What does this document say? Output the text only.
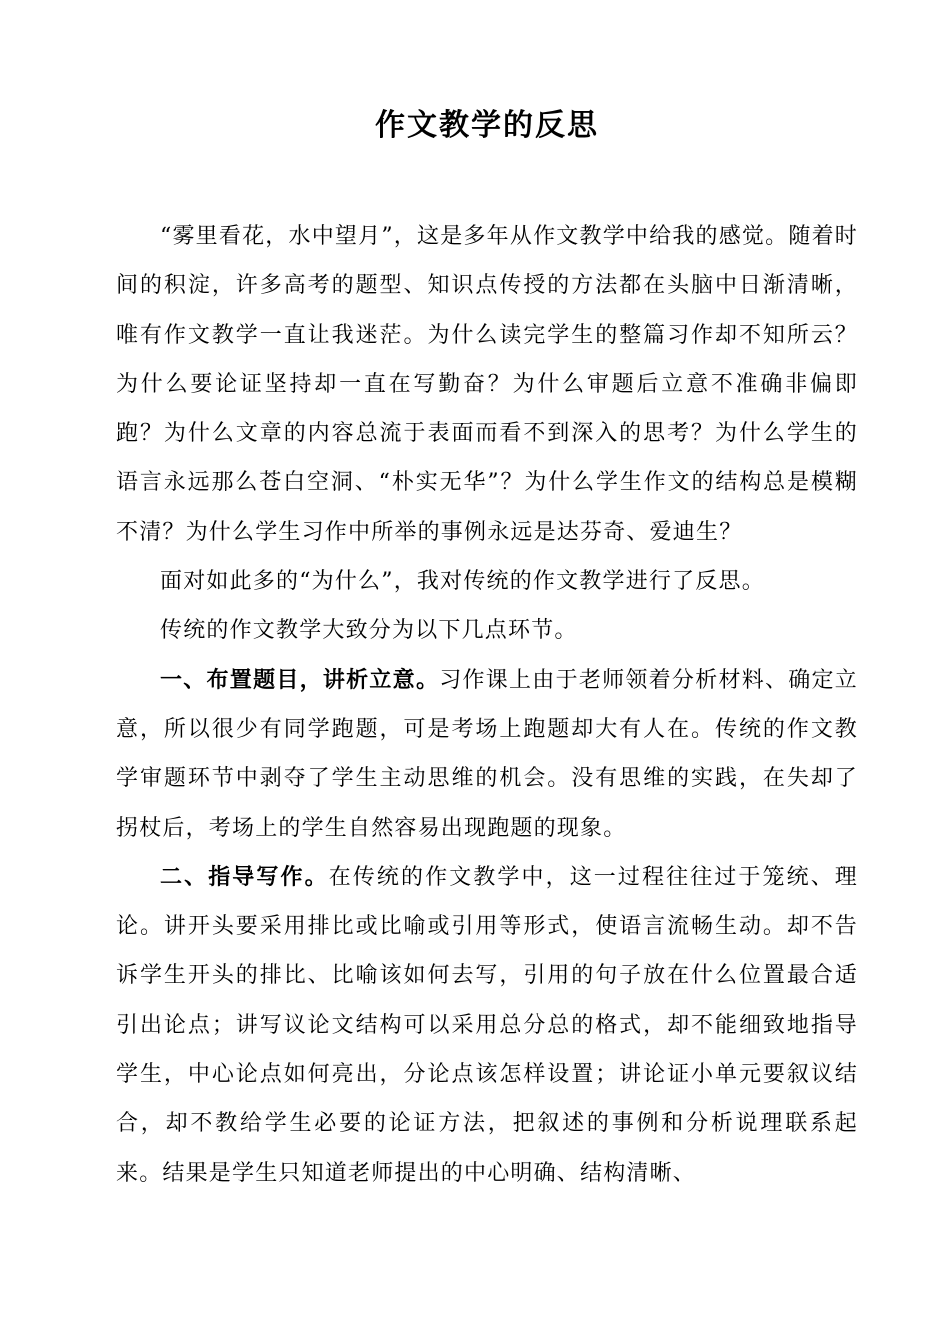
作文教学的反思

“雾里看花，水中望月”，这是多年从作文教学中给我的感觉。随着时间的积淀，许多高考的题型、知识点传授的方法都在头脑中日渐清晰，唯有作文教学一直让我迷茫。为什么读完学生的整篇习作却不知所云？为什么要论证坚持却一直在写勤奋？为什么审题后立意不准确非偏即跑？为什么文章的内容总流于表面而看不到深入的思考？为什么学生的语言永远那么苍白空洞、“朴实无华”？为什么学生作文的结构总是模糊不清？为什么学生习作中所举的事例永远是达芬奇、爱迪生？

面对如此多的“为什么”，我对传统的作文教学进行了反思。

传统的作文教学大致分为以下几点环节。

一、布置题目，讲析立意。习作课上由于老师领着分析材料、确定立意，所以很少有同学跑题，可是考场上跑题却大有人在。传统的作文教学审题环节中剥夺了学生主动思维的机会。没有思维的实践，在失却了拐杖后，考场上的学生自然容易出现跑题的现象。

二、指导写作。在传统的作文教学中，这一过程往往过于笼统、理论。讲开头要采用排比或比喻或引用等形式，使语言流畅生动。却不告诉学生开头的排比、比喻该如何去写，引用的句子放在什么位置最合适引出论点；讲写议论文结构可以采用总分总的格式，却不能细致地指导学生，中心论点如何亮出，分论点该怎样设置；讲论证小单元要叙议结合，却不教给学生必要的论证方法，把叙述的事例和分析说理联系起来。结果是学生只知道老师提出的中心明确、结构清晰、
